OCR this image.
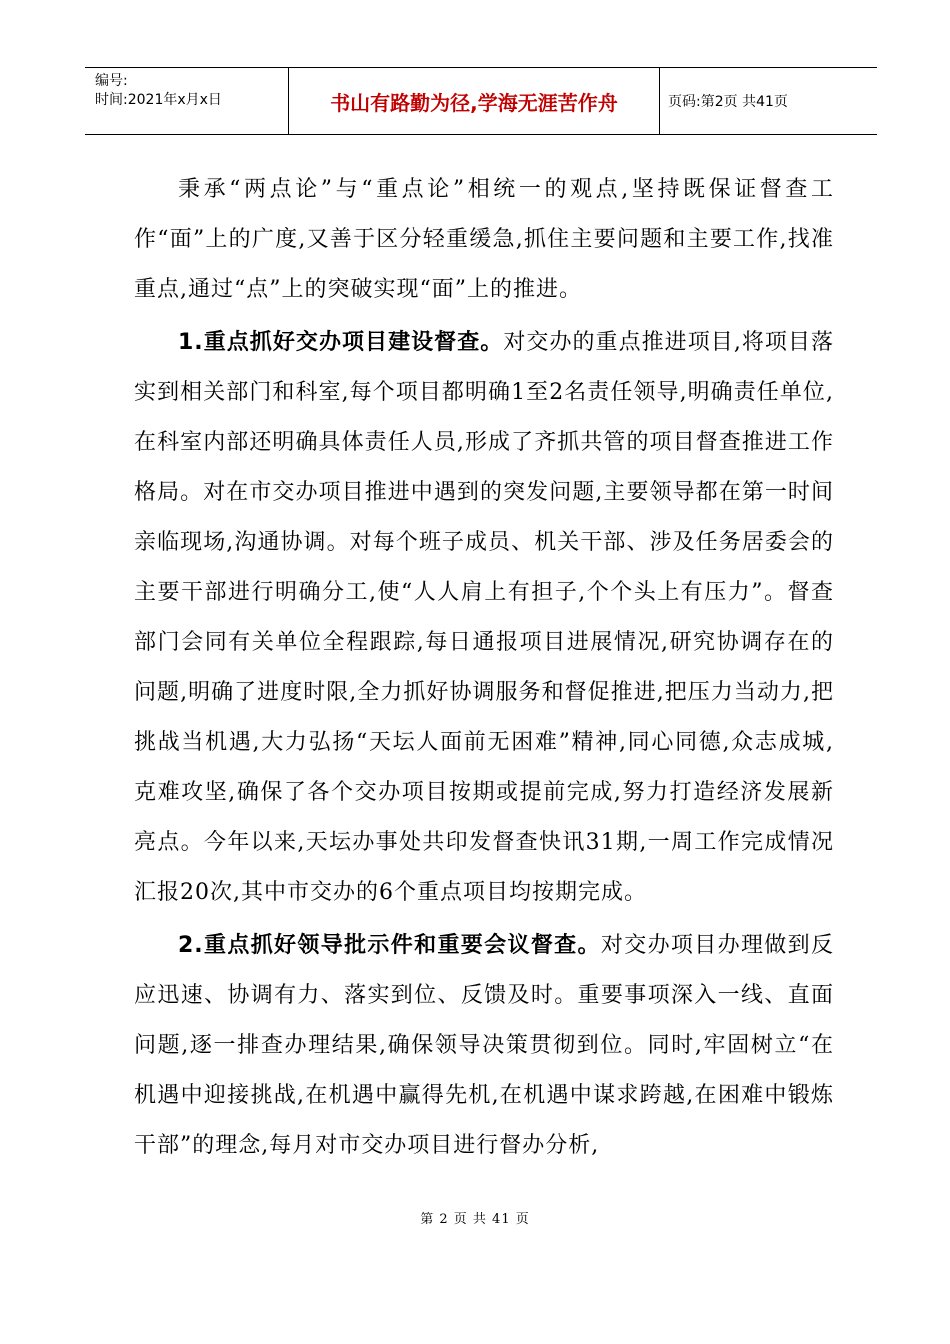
编号:
时间:2021年x月x日	书山有路勤为径,学海无涯苦作舟	页码:第2页 共41页

秉承“两点论”与“重点论”相统一的观点,坚持既保证督查工作“面”上的广度,又善于区分轻重缓急,抓住主要问题和主要工作,找准重点,通过“点”上的突破实现“面”上的推进。

1.重点抓好交办项目建设督查。对交办的重点推进项目,将项目落实到相关部门和科室,每个项目都明确1至2名责任领导,明确责任单位,在科室内部还明确具体责任人员,形成了齐抓共管的项目督查推进工作格局。对在市交办项目推进中遇到的突发问题,主要领导都在第一时间亲临现场,沟通协调。对每个班子成员、机关干部、涉及任务居委会的主要干部进行明确分工,使“人人肩上有担子,个个头上有压力”。督查部门会同有关单位全程跟踪,每日通报项目进展情况,研究协调存在的问题,明确了进度时限,全力抓好协调服务和督促推进,把压力当动力,把挑战当机遇,大力弘扬“天坛人面前无困难”精神,同心同德,众志成城,克难攻坚,确保了各个交办项目按期或提前完成,努力打造经济发展新亮点。今年以来,天坛办事处共印发督查快讯31期,一周工作完成情况汇报20次,其中市交办的6个重点项目均按期完成。

2.重点抓好领导批示件和重要会议督查。对交办项目办理做到反应迅速、协调有力、落实到位、反馈及时。重要事项深入一线、直面问题,逐一排查办理结果,确保领导决策贯彻到位。同时,牢固树立“在机遇中迎接挑战,在机遇中赢得先机,在机遇中谋求跨越,在困难中锻炼干部”的理念,每月对市交办项目进行督办分析,

第 2 页 共 41 页
